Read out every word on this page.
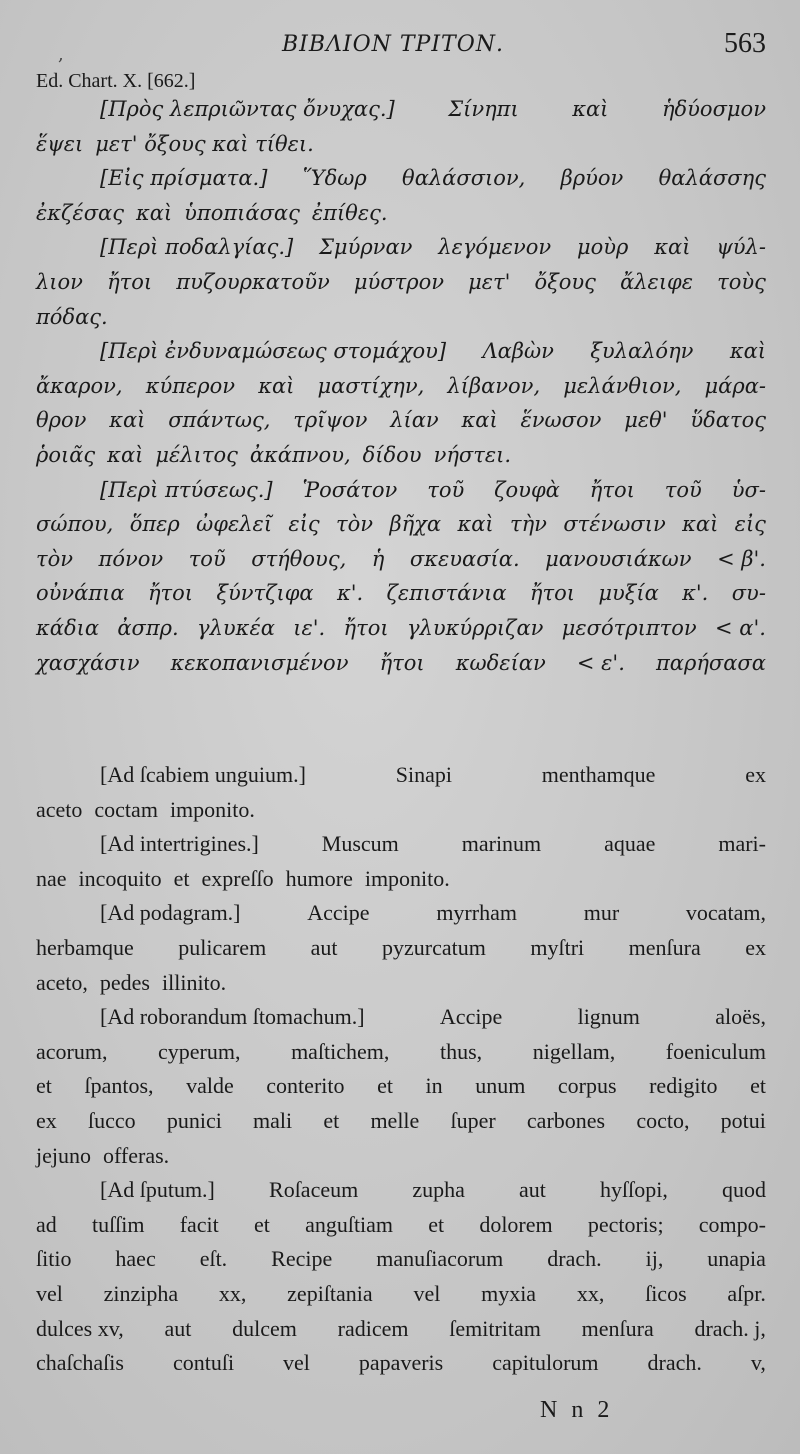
,	ΒΙΒΛΙΟΝ ΤΡΙΤΟΝ.	563
Ed. Chart. X. [662.]
[Πρὸς λεπριῶντας ὄνυχας.]	Σίνηπι	καὶ	ἡδύοσμον
ἕψει μετ' ὄξους καὶ τίθει.
[Εἰς πρίσματα.] Ὕδωρ θαλάσσιον, βρύον θαλάσσης
ἐκζέσας καὶ ὑποπιάσας ἐπίθες.
[Περὶ ποδαλγίας.] Σμύρναν λεγόμενον μοὺρ καὶ ψύλ-
λιον ἤτοι πυζουρκατοῦν μύστρον μετ' ὄξους ἄλειφε τοὺς
πόδας.
[Περὶ ἐνδυναμώσεως στομάχου] Λαβὼν ξυλαλόην καὶ
ἄκαρον, κύπερον καὶ μαστίχην, λίβανον, μελάνθιον, μάρα-
θρον καὶ σπάντως, τρῖψον λίαν καὶ ἕνωσον μεθ' ὕδατος
ῥοιᾶς καὶ μέλιτος ἀκάπνου, δίδου νήστει.
[Περὶ πτύσεως.] Ῥοσάτον τοῦ ζουφὰ ἤτοι τοῦ ὑσ-
σώπου, ὅπερ ὠφελεῖ εἰς τὸν βῆχα καὶ τὴν στένωσιν καὶ εἰς
τὸν πόνον τοῦ στήθους, ἡ σκευασία. μανουσιάκων < β'.
οὐνάπια ἤτοι ξύντζιφα κ'. ζεπιστάνια ἤτοι μυξία κ'. συ-
κάδια ἀσπρ. γλυκέα ιε'. ἤτοι γλυκύρριζαν μεσότριπτον < α'.
χασχάσιν κεκοπανισμένον ἤτοι κωδείαν < ε'. παρήσασα
[Ad ſcabiem unguium.]	Sinapi	menthamque	ex
aceto coctam imponito.
[Ad intertrigines.]	Muscum	marinum	aquae	mari-
nae incoquito et expreſſo humore imponito.
[Ad podagram.]	Accipe	myrrham	mur	vocatam,
herbamque pulicarem aut pyzurcatum myſtri menſura ex
aceto, pedes illinito.
[Ad roborandum ſtomachum.]	Accipe	lignum	aloës,
acorum, cyperum, maſtichem, thus, nigellam, foeniculum
et ſpantos, valde conterito et in unum corpus redigito et
ex ſucco punici mali et melle ſuper carbones cocto, potui
jejuno offeras.
[Ad ſputum.] Roſaceum zupha aut hyſſopi, quod
ad tuſſim facit et anguſtiam et dolorem pectoris; compo-
ſitio haec eſt. Recipe manuſiacorum drach. ij, unapia
vel zinzipha xx, zepiſtania vel myxia xx, ſicos aſpr.
dulces xv, aut dulcem radicem ſemitritam menſura drach. j,
chaſchaſis contuſi vel papaveris capitulorum drach. v,
N n 2
